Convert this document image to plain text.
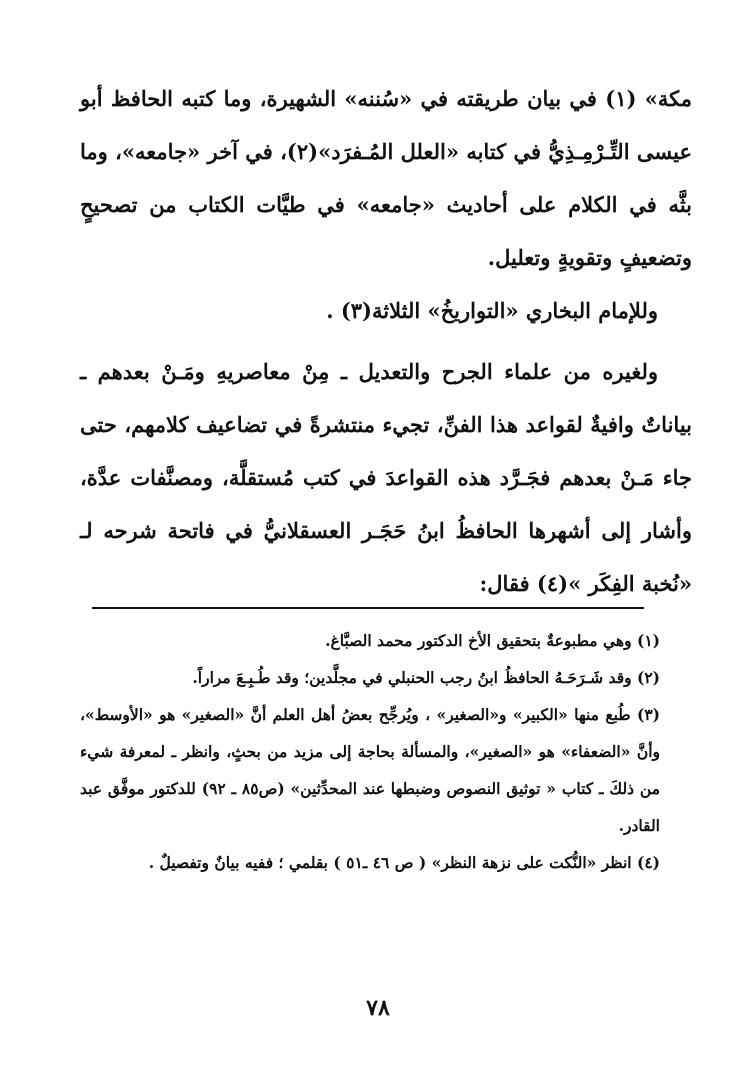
مكة» (١) في بيان طريقته في «سُننه» الشهيرة، وما كتبه الحافظ أبو عيسى التِّـرْمِـذِيُّ في كتابه «العلل المُـفرَد»(٢)، في آخر «جامعه»، وما بثَّه في الكلام على أحاديث «جامعه» في طيَّات الكتاب من تصحيحٍ وتضعيفٍ وتقويةٍ وتعليل.

وللإمام البخاري «التواريخُ» الثلاثة(٣) .

ولغيره من علماء الجرح والتعديل ـ مِنْ معاصريهِ ومَـنْ بعدهم ـ بياناتٌ وافيةٌ لقواعد هذا الفنِّ، تجيء منتشرةً في تضاعيف كلامهم، حتى جاء مَـنْ بعدهم فجَـرَّد هذه القواعدَ في كتب مُستقلَّة، ومصنَّفات عدَّة، وأشار إلى أشهرها الحافظُ ابنُ حَجَـر العسقلانيُّ في فاتحة شرحه لـ «نُخبة الفِكَر »(٤) فقال:

(١) وهي مطبوعةٌ بتحقيق الأخ الدكتور محمد الصبَّاغ.

(٢) وقد شَـرَحَـهُ الحافظُ ابنُ رجب الحنبلي في مجلَّدين؛ وقد طُـبِـعَ مراراً.

(٣) طُبع منها «الكبير» و«الصغير» ، ويُرجِّح بعضُ أهل العلم أنَّ «الصغير» هو «الأوسط»، وأنَّ «الضعفاء» هو «الصغير»، والمسألة بحاجة إلى مزيد من بحثٍ، وانظر ـ لمعرفة شيء من ذلكَ ـ كتاب « توثيق النصوص وضبطها عند المحدِّثين» (ص٨٥ ـ ٩٢) للدكتور موفَّق عبد القادر.

(٤) انظر «النُّكت على نزهة النظر» ( ص ٤٦ ـ٥١ ) بقلمي ؛ ففيه بيانٌ وتفصيلٌ .

٧٨
